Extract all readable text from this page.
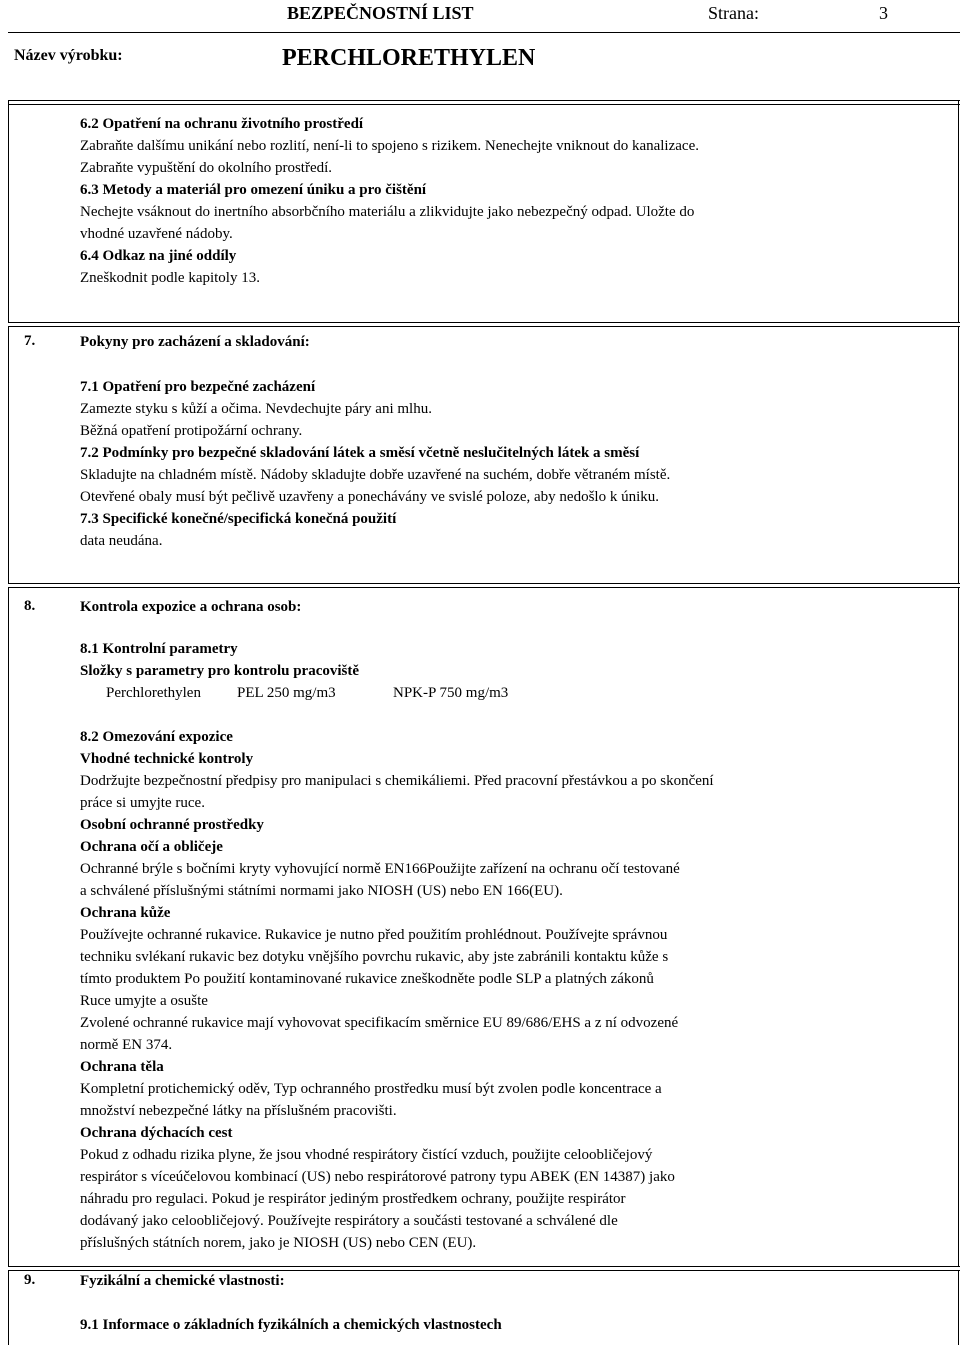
BEZPEČNOSTNÍ LIST	Strana:	3
Název výrobku:	PERCHLORETHYLEN
6.2 Opatření na ochranu životního prostředí
Zabraňte dalšímu unikání nebo rozlití, není-li to spojeno s rizikem. Nenechejte vniknout do kanalizace.
Zabraňte vypuštění do okolního prostředí.
6.3 Metody a materiál pro omezení úniku a pro čištění
Nechejte vsáknout do inertního absorbčního materiálu a zlikvidujte jako nebezpečný odpad. Uložte do
vhodné uzavřené nádoby.
6.4 Odkaz na jiné oddíly
Zneškodnit podle kapitoly 13.
7.	Pokyny pro zacházení a skladování:
7.1 Opatření pro bezpečné zacházení
Zamezte styku s kůží a očima. Nevdechujte páry ani mlhu.
Běžná opatření protipožární ochrany.
7.2 Podmínky pro bezpečné skladování látek a směsí včetně neslučitelných látek a směsí
Skladujte na chladném místě. Nádoby skladujte dobře uzavřené na suchém, dobře větraném místě.
Otevřené obaly musí být pečlivě uzavřeny a ponechávány ve svislé poloze, aby nedošlo k úniku.
7.3 Specifické konečné/specifická konečná použití
data neudána.
8.	Kontrola expozice a ochrana osob:
8.1 Kontrolní parametry
Složky s parametry pro kontrolu pracoviště
Perchlorethylen PEL 250 mg/m3	NPK-P 750 mg/m3
8.2 Omezování expozice
Vhodné technické kontroly
Dodržujte bezpečnostní předpisy pro manipulaci s chemikáliemi. Před pracovní přestávkou a po skončení
práce si umyjte ruce.
Osobní ochranné prostředky
Ochrana očí a obličeje
Ochranné brýle s bočními kryty vyhovující normě EN166Použijte zařízení na ochranu očí testované
a schválené příslušnými státními normami jako NIOSH (US) nebo EN 166(EU).
Ochrana kůže
Používejte ochranné rukavice. Rukavice je nutno před použitím prohlédnout. Používejte správnou
techniku svlékaní rukavic bez dotyku vnějšího povrchu rukavic, aby jste zabránili kontaktu kůže s
tímto produktem Po použití kontaminované rukavice zneškodněte podle SLP a platných zákonů
Ruce umyjte a osušte
Zvolené ochranné rukavice mají vyhovovat specifikacím směrnice EU 89/686/EHS a z ní odvozené
normě EN 374.
Ochrana těla
Kompletní protichemický oděv, Typ ochranného prostředku musí být zvolen podle koncentrace a
množství nebezpečné látky na příslušném pracovišti.
Ochrana dýchacích cest
Pokud z odhadu rizika plyne, že jsou vhodné respirátory čistící vzduch, použijte celoobličejový
respirátor s víceúčelovou kombinací (US) nebo respirátorové patrony typu ABEK (EN 14387) jako
náhradu pro regulaci. Pokud je respirátor jediným prostředkem ochrany, použijte respirátor
dodávaný jako celoobličejový. Používejte respirátory a součásti testované a schválené dle
příslušných státních norem, jako je NIOSH (US) nebo CEN (EU).
9.	Fyzikální a chemické vlastnosti:
9.1 Informace o základních fyzikálních a chemických vlastnostech
